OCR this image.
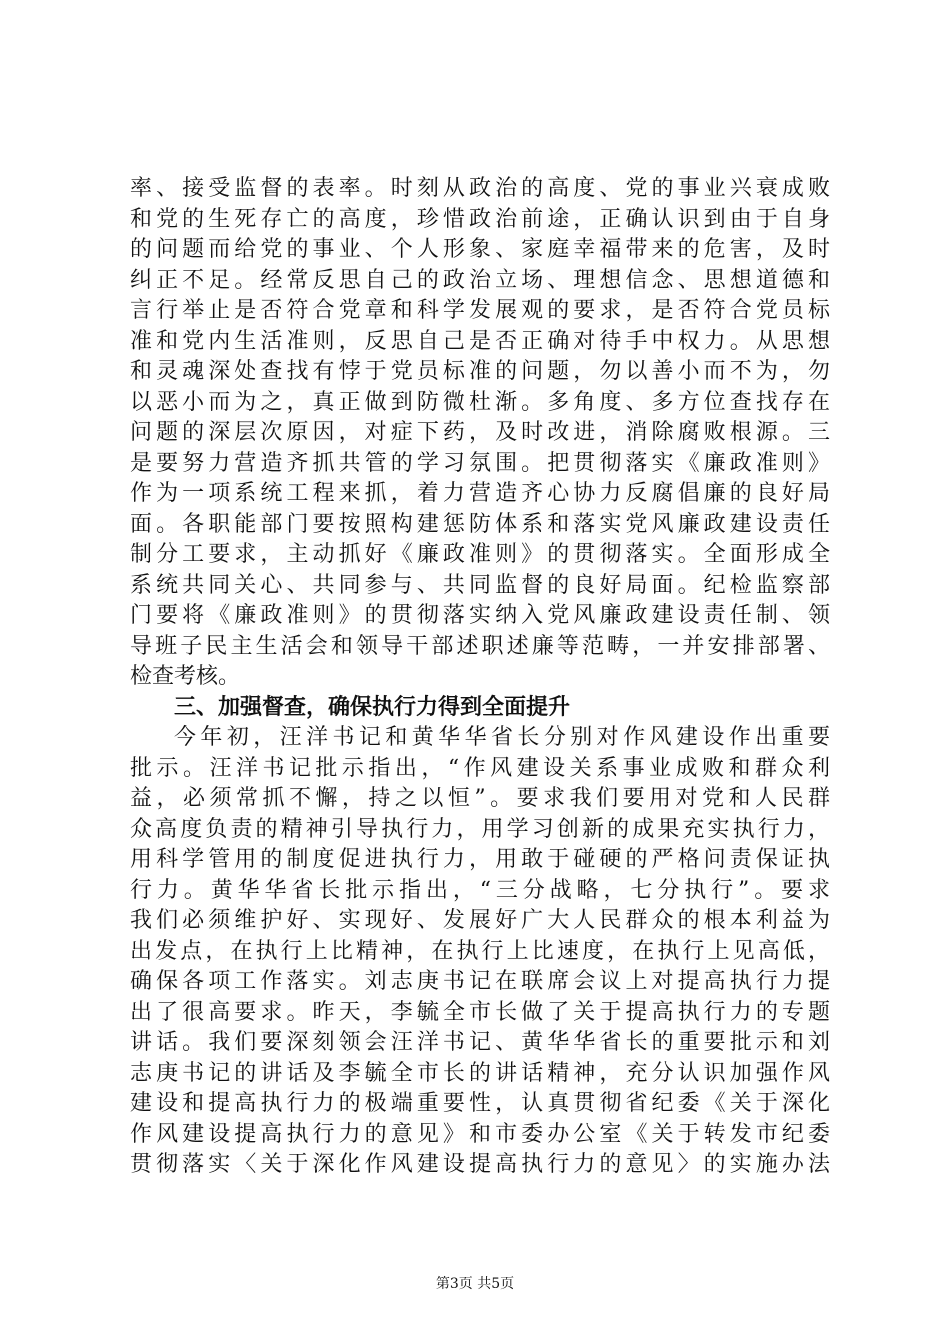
率、接受监督的表率。时刻从政治的高度、党的事业兴衰成败
和党的生死存亡的高度，珍惜政治前途，正确认识到由于自身
的问题而给党的事业、个人形象、家庭幸福带来的危害，及时
纠正不足。经常反思自己的政治立场、理想信念、思想道德和
言行举止是否符合党章和科学发展观的要求，是否符合党员标
准和党内生活准则，反思自己是否正确对待手中权力。从思想
和灵魂深处查找有悖于党员标准的问题，勿以善小而不为，勿
以恶小而为之，真正做到防微杜渐。多角度、多方位查找存在
问题的深层次原因，对症下药，及时改进，消除腐败根源。三
是要努力营造齐抓共管的学习氛围。把贯彻落实《廉政准则》
作为一项系统工程来抓，着力营造齐心协力反腐倡廉的良好局
面。各职能部门要按照构建惩防体系和落实党风廉政建设责任
制分工要求，主动抓好《廉政准则》的贯彻落实。全面形成全
系统共同关心、共同参与、共同监督的良好局面。纪检监察部
门要将《廉政准则》的贯彻落实纳入党风廉政建设责任制、领
导班子民主生活会和领导干部述职述廉等范畴，一并安排部署、
检查考核。
三、加强督查，确保执行力得到全面提升
今年初，汪洋书记和黄华华省长分别对作风建设作出重要
批示。汪洋书记批示指出，“作风建设关系事业成败和群众利
益，必须常抓不懈，持之以恒”。要求我们要用对党和人民群
众高度负责的精神引导执行力，用学习创新的成果充实执行力，
用科学管用的制度促进执行力，用敢于碰硬的严格问责保证执
行力。黄华华省长批示指出，“三分战略，七分执行”。要求
我们必须维护好、实现好、发展好广大人民群众的根本利益为
出发点，在执行上比精神，在执行上比速度，在执行上见高低，
确保各项工作落实。刘志庚书记在联席会议上对提高执行力提
出了很高要求。昨天，李毓全市长做了关于提高执行力的专题
讲话。我们要深刻领会汪洋书记、黄华华省长的重要批示和刘
志庚书记的讲话及李毓全市长的讲话精神，充分认识加强作风
建设和提高执行力的极端重要性，认真贯彻省纪委《关于深化
作风建设提高执行力的意见》和市委办公室《关于转发市纪委
贯彻落实〈关于深化作风建设提高执行力的意见〉的实施办法
第3页 共5页
